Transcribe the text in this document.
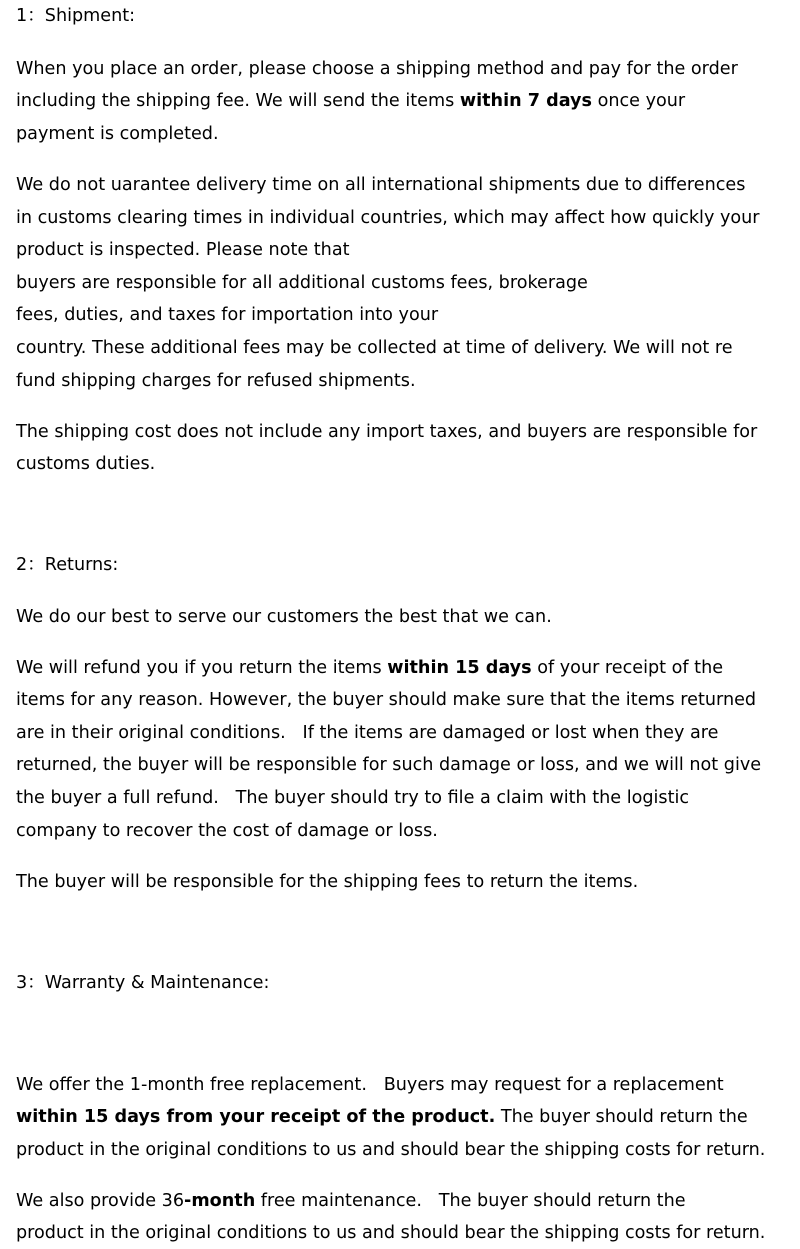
1：Shipment:
When you place an order, please choose a shipping method and pay for the order
including the shipping fee. We will send the items within 7 days once your
payment is completed.
We do not uarantee delivery time on all international shipments due to differences
in customs clearing times in individual countries, which may affect how quickly your
product is inspected. Please note that
buyers are responsible for all additional customs fees, brokerage
fees, duties, and taxes for importation into your
country. These additional fees may be collected at time of delivery. We will not re
fund shipping charges for refused shipments.
The shipping cost does not include any import taxes, and buyers are responsible for
customs duties.
2：Returns:
We do our best to serve our customers the best that we can.
We will refund you if you return the items within 15 days of your receipt of the
items for any reason. However, the buyer should make sure that the items returned
are in their original conditions.   If the items are damaged or lost when they are
returned, the buyer will be responsible for such damage or loss, and we will not give
the buyer a full refund.   The buyer should try to file a claim with the logistic
company to recover the cost of damage or loss.
The buyer will be responsible for the shipping fees to return the items.
3：Warranty & Maintenance:
We offer the 1-month free replacement.   Buyers may request for a replacement
within 15 days from your receipt of the product. The buyer should return the
product in the original conditions to us and should bear the shipping costs for return.
We also provide 36-month free maintenance.   The buyer should return the
product in the original conditions to us and should bear the shipping costs for return.
